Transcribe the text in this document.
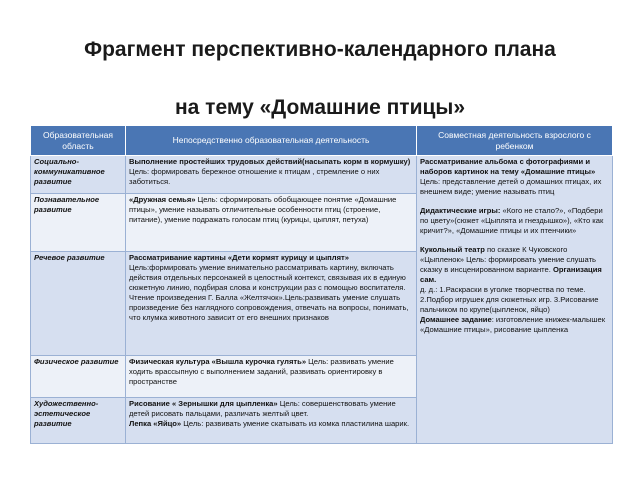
Фрагмент перспективно-календарного плана
на тему «Домашние птицы»
Образовательная область	Непосредственно образовательная деятельность	Совместная деятельность взрослого с ребенком
Социально-коммуникативное развитие	Выполнение простейших трудовых действий(насыпать корм в кормушку) Цель: формировать бережное отношение к птицам , стремление о них заботиться.	Рассматривание альбома с фотографиями и наборов картинок на тему «Домашние птицы» Цель: представление детей о домашних птицах, их внешнем виде; умение называть птиц
Дидактические игры: «Кого не стало?», «Подбери по цвету»(сюжет «Цыплята и гнездышко»), «Кто как кричит?», «Домашние птицы и их птенчики»
Кукольный театр по сказке К Чуковского «Цыпленок» Цель: формировать умение слушать сказку в инсценированном варианте. Организация сам.
д. д.: 1.Раскраски в уголке творчества по теме. 2.Подбор игрушек для сюжетных игр. 3.Рисование пальчиком по крупе(цыпленок, яйцо)
Домашнее задание: изготовление книжек-малышек «Домашние птицы», рисование цыпленка

Познавательное развитие	«Дружная семья» Цель: сформировать обобщающее понятие «Домашние птицы», умение называть отличительные особенности птиц (строение, питание), умение подражать голосам птиц (курицы, цыплят, петуха)	
Речевое развитие	Рассматривание картины «Дети кормят курицу и цыплят»
Цель:формировать умение внимательно рассматривать картину, включать действия отдельных персонажей в целостный контекст, связывая их в единую сюжетную линию, подбирая слова и конструкции раз с помощью воспитателя. Чтение произведения Г. Балла «Желтячок».Цель:развивать умение слушать произведение без наглядного сопровождения, отвечать на вопросы, понимать, что клумка животного зависит от его внешних признаков	
Физическое развитие	Физическая культура «Вышла курочка гулять» Цель: развивать умение ходить врассыпную с выполнением заданий, развивать ориентировку в пространстве	
Художественно-эстетическое развитие	Рисование « Зернышки для цыпленка» Цель: совершенствовать умение детей рисовать пальцами, различать желтый цвет.
Лепка «Яйцо» Цель: развивать умение скатывать из комка пластилина шарик.	
